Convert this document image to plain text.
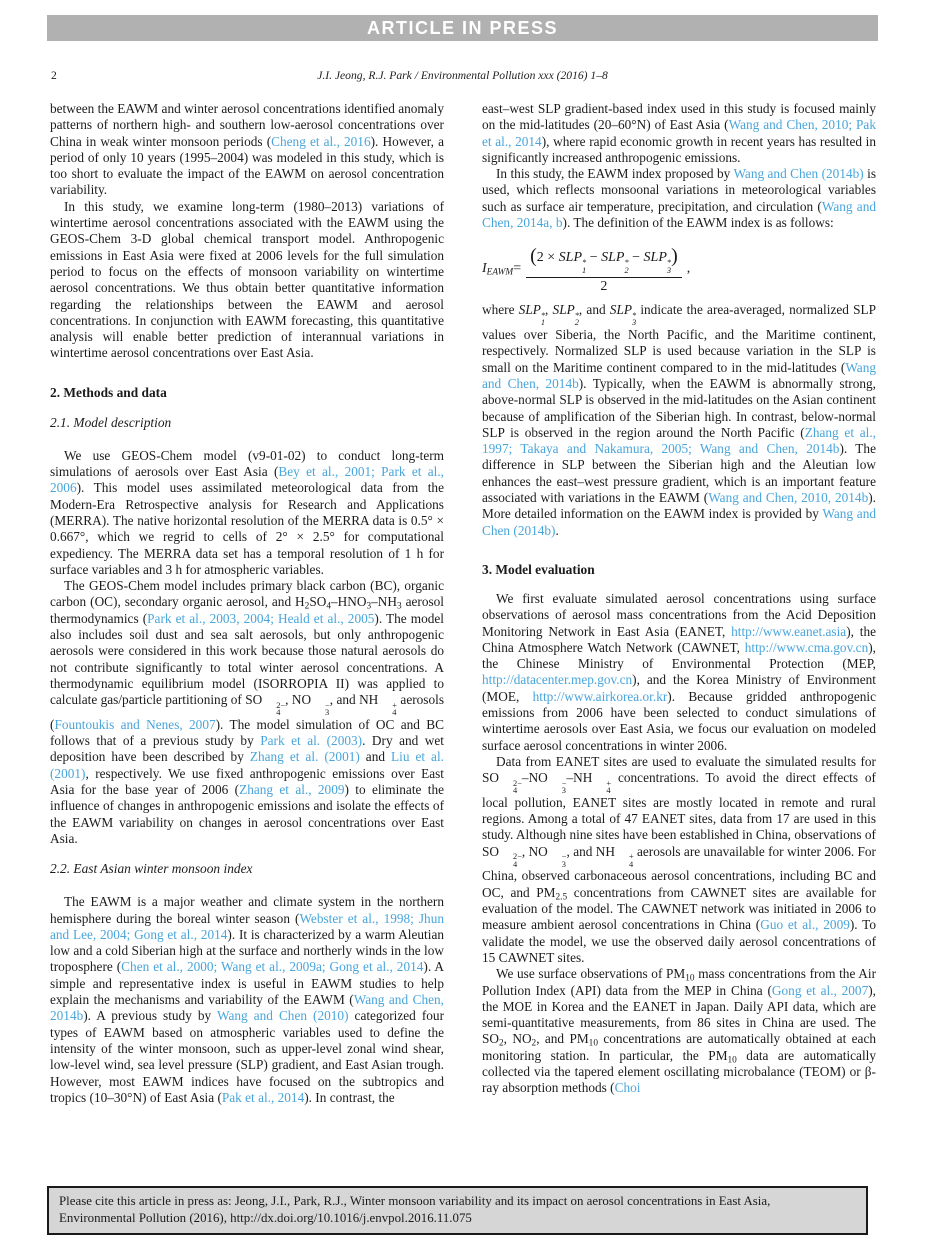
ARTICLE IN PRESS
2	J.I. Jeong, R.J. Park / Environmental Pollution xxx (2016) 1–8

between the EAWM and winter aerosol concentrations identified anomaly patterns of northern high- and southern low-aerosol concentrations over China in weak winter monsoon periods (Cheng et al., 2016). However, a period of only 10 years (1995–2004) was modeled in this study, which is too short to evaluate the impact of the EAWM on aerosol concentration variability.

In this study, we examine long-term (1980–2013) variations of wintertime aerosol concentrations associated with the EAWM using the GEOS-Chem 3-D global chemical transport model. Anthropogenic emissions in East Asia were fixed at 2006 levels for the full simulation period to focus on the effects of monsoon variability on wintertime aerosol concentrations. We thus obtain better quantitative information regarding the relationships between the EAWM and aerosol concentrations. In conjunction with EAWM forecasting, this quantitative analysis will enable better prediction of interannual variations in wintertime aerosol concentrations over East Asia.

2. Methods and data
2.1. Model description

We use GEOS-Chem model (v9-01-02) to conduct long-term simulations of aerosols over East Asia (Bey et al., 2001; Park et al., 2006). This model uses assimilated meteorological data from the Modern-Era Retrospective analysis for Research and Applications (MERRA). The native horizontal resolution of the MERRA data is 0.5° × 0.667°, which we regrid to cells of 2° × 2.5° for computational expediency. The MERRA data set has a temporal resolution of 1 h for surface variables and 3 h for atmospheric variables.

The GEOS-Chem model includes primary black carbon (BC), organic carbon (OC), secondary organic aerosol, and H2SO4–HNO3–NH3 aerosol thermodynamics (Park et al., 2003, 2004; Heald et al., 2005). The model also includes soil dust and sea salt aerosols, but only anthropogenic aerosols were considered in this work because those natural aerosols do not contribute significantly to total winter aerosol concentrations. A thermodynamic equilibrium model (ISORROPIA II) was applied to calculate gas/particle partitioning of SO	2−
4
, NO	−
3
, and NH	+
4
aerosols (Fountoukis and Nenes, 2007). The model simulation of OC and BC follows that of a previous study by Park et al. (2003). Dry and wet deposition have been described by Zhang et al. (2001) and Liu et al. (2001), respectively. We use fixed anthropogenic emissions over East Asia for the base year of 2006 (Zhang et al., 2009) to eliminate the influence of changes in anthropogenic emissions and isolate the effects of the EAWM variability on changes in aerosol concentrations over East Asia.

2.2. East Asian winter monsoon index

The EAWM is a major weather and climate system in the northern hemisphere during the boreal winter season (Webster et al., 1998; Jhun and Lee, 2004; Gong et al., 2014). It is characterized by a warm Aleutian low and a cold Siberian high at the surface and northerly winds in the low troposphere (Chen et al., 2000; Wang et al., 2009a; Gong et al., 2014). A simple and representative index is useful in EAWM studies to help explain the mechanisms and variability of the EAWM (Wang and Chen, 2014b). A previous study by Wang and Chen (2010) categorized four types of EAWM based on atmospheric variables used to define the intensity of the winter monsoon, such as upper-level zonal wind shear, low-level wind, sea level pressure (SLP) gradient, and East Asian trough. However, most EAWM indices have focused on the subtropics and tropics (10–30°N) of East Asia (Pak et al., 2014). In contrast, the

east–west SLP gradient-based index used in this study is focused mainly on the mid-latitudes (20–60°N) of East Asia (Wang and Chen, 2010; Pak et al., 2014), where rapid economic growth in recent years has resulted in significantly increased anthropogenic emissions.

In this study, the EAWM index proposed by Wang and Chen (2014b) is used, which reflects monsoonal variations in meteorological variables such as surface air temperature, precipitation, and circulation (Wang and Chen, 2014a, b). The definition of the EAWM index is as follows:

IEAWM = (2 × SLP *
1
− SLP *
2
− SLP *
3
)
2 ,

where SLP *
1
, SLP *
2
, and SLP *
3
indicate the area-averaged, normalized SLP values over Siberia, the North Pacific, and the Maritime continent, respectively. Normalized SLP is used because variation in the SLP is small on the Maritime continent compared to in the mid-latitudes (Wang and Chen, 2014b). Typically, when the EAWM is abnormally strong, above-normal SLP is observed in the mid-latitudes on the Asian continent because of amplification of the Siberian high. In contrast, below-normal SLP is observed in the region around the North Pacific (Zhang et al., 1997; Takaya and Nakamura, 2005; Wang and Chen, 2014b). The difference in SLP between the Siberian high and the Aleutian low enhances the east–west pressure gradient, which is an important feature associated with variations in the EAWM (Wang and Chen, 2010, 2014b). More detailed information on the EAWM index is provided by Wang and Chen (2014b).

3. Model evaluation

We first evaluate simulated aerosol concentrations using surface observations of aerosol mass concentrations from the Acid Deposition Monitoring Network in East Asia (EANET, http://www.eanet.asia), the China Atmosphere Watch Network (CAWNET, http://www.cma.gov.cn), the Chinese Ministry of Environmental Protection (MEP, http://datacenter.mep.gov.cn), and the Korea Ministry of Environment (MOE, http://www.airkorea.or.kr). Because gridded anthropogenic emissions from 2006 have been selected to conduct simulations of wintertime aerosols over East Asia, we focus our evaluation on modeled surface aerosol concentrations in winter 2006.

Data from EANET sites are used to evaluate the simulated results for SO	2−
4
–NO	−
3
–NH	+
4
concentrations. To avoid the direct effects of local pollution, EANET sites are mostly located in remote and rural regions. Among a total of 47 EANET sites, data from 17 are used in this study. Although nine sites have been established in China, observations of SO	2−
4
, NO	−
3
, and NH	+
4
aerosols are unavailable for winter 2006. For China, observed carbonaceous aerosol concentrations, including BC and OC, and PM2.5 concentrations from CAWNET sites are available for evaluation of the model. The CAWNET network was initiated in 2006 to measure ambient aerosol concentrations in China (Guo et al., 2009). To validate the model, we use the observed daily aerosol concentrations of 15 CAWNET sites.

We use surface observations of PM10 mass concentrations from the Air Pollution Index (API) data from the MEP in China (Gong et al., 2007), the MOE in Korea and the EANET in Japan. Daily API data, which are semi-quantitative measurements, from 86 sites in China are used. The SO2, NO2, and PM10 concentrations are automatically obtained at each monitoring station. In particular, the PM10 data are automatically collected via the tapered element oscillating microbalance (TEOM) or β-ray absorption methods (Choi

Please cite this article in press as: Jeong, J.I., Park, R.J., Winter monsoon variability and its impact on aerosol concentrations in East Asia, Environmental Pollution (2016), http://dx.doi.org/10.1016/j.envpol.2016.11.075
